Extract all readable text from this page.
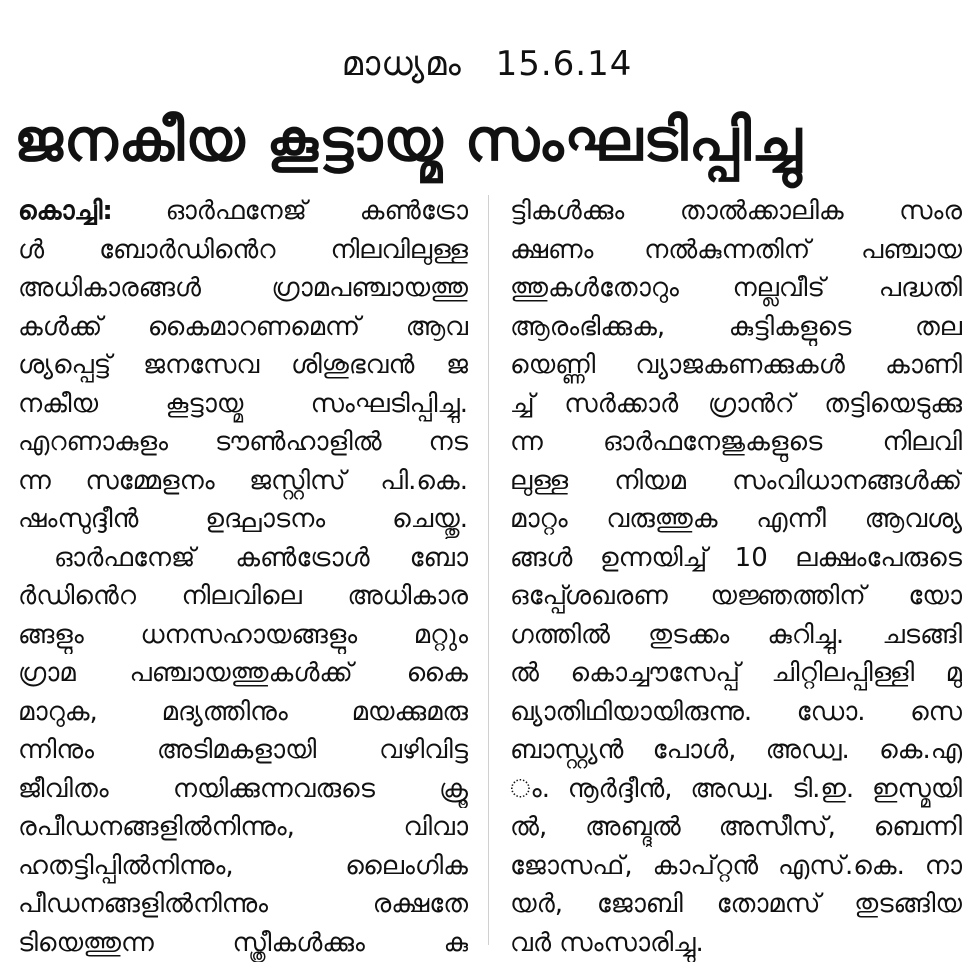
മാധ്യമം 15.6.14
ജനകീയ കൂട്ടായ്മ സംഘടിപ്പിച്ചു
കൊച്ചി: ഓർഫനേജ് കൺട്രോ
ൾ ബോർഡിൻെറ നിലവിലുള്ള
അധികാരങ്ങൾ ഗ്രാമപഞ്ചായത്തു
കൾക്ക് കൈമാറണമെന്ന് ആവ
ശ്യപ്പെട്ട് ജനസേവ ശിശുഭവൻ ജ
നകീയ കൂട്ടായ്മ സംഘടിപ്പിച്ചു.
എറണാകുളം ടൗൺഹാളിൽ നട
ന്ന സമ്മേളനം ജസ്റ്റിസ് പി.കെ.
ഷംസുദ്ദീൻ ഉദ്ഘാടനം ചെയ്തു.
ഓർഫനേജ് കൺട്രോൾ ബോ
ർഡിൻെറ നിലവിലെ അധികാര
ങ്ങളും ധനസഹായങ്ങളും മറ്റും
ഗ്രാമ പഞ്ചായത്തുകൾക്ക് കൈ
മാറുക, മദ്യത്തിനും മയക്കുമരു
ന്നിനും അടിമകളായി വഴിവിട്ട
ജീവിതം നയിക്കുന്നവരുടെ ക്രൂ
രപീഡനങ്ങളിൽനിന്നും, വിവാ
ഹതട്ടിപ്പിൽനിന്നും, ലൈംഗിക
പീഡനങ്ങളിൽനിന്നും രക്ഷതേ
ടിയെത്തുന്ന സ്ത്രീകൾക്കും കു
ട്ടികൾക്കും താൽക്കാലിക സംര
ക്ഷണം നൽകുന്നതിന് പഞ്ചായ
ത്തുകൾതോറും നല്ലവീട് പദ്ധതി
ആരംഭിക്കുക, കുട്ടികളുടെ തല
യെണ്ണി വ്യാജകണക്കുകൾ കാണി
ച്ച് സർക്കാർ ഗ്രാൻറ് തട്ടിയെടുക്കു
ന്ന ഓർഫനേജുകളുടെ നിലവി
ലുള്ള നിയമ സംവിധാനങ്ങൾക്ക്
മാറ്റം വരുത്തുക എന്നീ ആവശ്യ
ങ്ങൾ ഉന്നയിച്ച് 10 ലക്ഷംപേരുടെ
ഒപ്പ്ശേഖരണ യജ്ഞത്തിന് യോ
ഗത്തിൽ തുടക്കം കുറിച്ചു. ചടങ്ങി
ൽ കൊച്ചൗസേപ്പ് ചിറ്റിലപ്പിള്ളി മു
ഖ്യാതിഥിയായിരുന്നു. ഡോ. സെ
ബാസ്റ്റ്യൻ പോൾ, അഡ്വ. കെ.എ
ം. നൂർദ്ദീൻ, അഡ്വ. ടി.ഇ. ഇസ്മയി
ൽ, അബ്ദുൽ അസീസ്, ബെന്നി
ജോസഫ്, കാപ്റ്റൻ എസ്.കെ. നാ
യർ, ജോബി തോമസ് തുടങ്ങിയ
വർ സംസാരിച്ചു.
